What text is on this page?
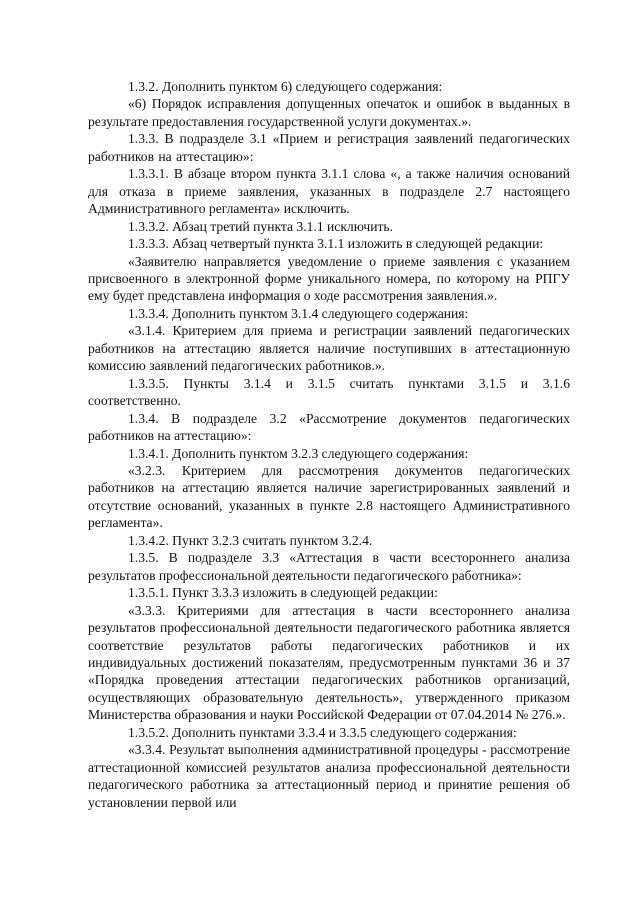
1.3.2. Дополнить пунктом 6) следующего содержания:

«6) Порядок исправления допущенных опечаток и ошибок в выданных в результате предоставления государственной услуги документах.».

1.3.3. В подразделе 3.1 «Прием и регистрация заявлений педагогических работников на аттестацию»:

1.3.3.1. В абзаце втором пункта 3.1.1 слова «, а также наличия оснований для отказа в приеме заявления, указанных в подразделе 2.7 настоящего Административного регламента» исключить.

1.3.3.2. Абзац третий пункта 3.1.1 исключить.

1.3.3.3. Абзац четвертый пункта 3.1.1 изложить в следующей редакции:

«Заявителю направляется уведомление о приеме заявления с указанием присвоенного в электронной форме уникального номера, по которому на РПГУ ему будет представлена информация о ходе рассмотрения заявления.».

1.3.3.4. Дополнить пунктом 3.1.4 следующего содержания:

«3.1.4. Критерием для приема и регистрации заявлений педагогических работников на аттестацию является наличие поступивших в аттестационную комиссию заявлений педагогических работников.».

1.3.3.5. Пункты 3.1.4 и 3.1.5 считать пунктами 3.1.5 и 3.1.6 соответственно.

1.3.4. В подразделе 3.2 «Рассмотрение документов педагогических работников на аттестацию»:

1.3.4.1. Дополнить пунктом 3.2.3 следующего содержания:

«3.2.3. Критерием для рассмотрения документов педагогических работников на аттестацию является наличие зарегистрированных заявлений и отсутствие оснований, указанных в пункте 2.8 настоящего Административного регламента».

1.3.4.2. Пункт 3.2.3 считать пунктом 3.2.4.

1.3.5. В подразделе 3.3 «Аттестация в части всестороннего анализа результатов профессиональной деятельности педагогического работника»:

1.3.5.1. Пункт 3.3.3 изложить в следующей редакции:

«3.3.3. Критериями для аттестация в части всестороннего анализа результатов профессиональной деятельности педагогического работника является соответствие результатов работы педагогических работников и их индивидуальных достижений показателям, предусмотренным пунктами 36 и 37 «Порядка проведения аттестации педагогических работников организаций, осуществляющих образовательную деятельность», утвержденного приказом Министерства образования и науки Российской Федерации от 07.04.2014 № 276.».

1.3.5.2. Дополнить пунктами 3.3.4 и 3.3.5 следующего содержания:

«3.3.4. Результат выполнения административной процедуры - рассмотрение аттестационной комиссией результатов анализа профессиональной деятельности педагогического работника за аттестационный период и принятие решения об установлении первой или
